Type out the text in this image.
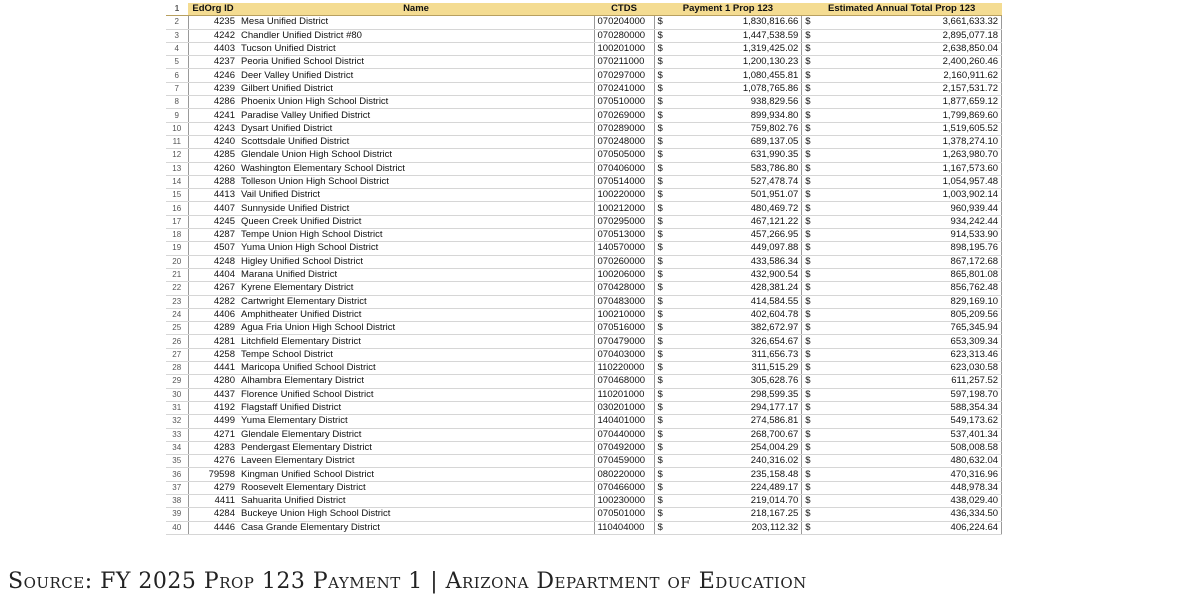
1	EdOrg ID	Name	CTDS	Payment 1 Prop 123		Estimated Annual Total Prop 123	
2	4235	Mesa Unified District	070204000	$	1,830,816.66	$	3,661,633.32
3	4242	Chandler Unified District #80	070280000	$	1,447,538.59	$	2,895,077.18
4	4403	Tucson Unified District	100201000	$	1,319,425.02	$	2,638,850.04
5	4237	Peoria Unified School District	070211000	$	1,200,130.23	$	2,400,260.46
6	4246	Deer Valley Unified District	070297000	$	1,080,455.81	$	2,160,911.62
7	4239	Gilbert Unified District	070241000	$	1,078,765.86	$	2,157,531.72
8	4286	Phoenix Union High School District	070510000	$	938,829.56	$	1,877,659.12
9	4241	Paradise Valley Unified District	070269000	$	899,934.80	$	1,799,869.60
10	4243	Dysart Unified District	070289000	$	759,802.76	$	1,519,605.52
11	4240	Scottsdale Unified District	070248000	$	689,137.05	$	1,378,274.10
12	4285	Glendale Union High School District	070505000	$	631,990.35	$	1,263,980.70
13	4260	Washington Elementary School District	070406000	$	583,786.80	$	1,167,573.60
14	4288	Tolleson Union High School District	070514000	$	527,478.74	$	1,054,957.48
15	4413	Vail Unified District	100220000	$	501,951.07	$	1,003,902.14
16	4407	Sunnyside Unified District	100212000	$	480,469.72	$	960,939.44
17	4245	Queen Creek Unified District	070295000	$	467,121.22	$	934,242.44
18	4287	Tempe Union High School District	070513000	$	457,266.95	$	914,533.90
19	4507	Yuma Union High School District	140570000	$	449,097.88	$	898,195.76
20	4248	Higley Unified School District	070260000	$	433,586.34	$	867,172.68
21	4404	Marana Unified District	100206000	$	432,900.54	$	865,801.08
22	4267	Kyrene Elementary District	070428000	$	428,381.24	$	856,762.48
23	4282	Cartwright Elementary District	070483000	$	414,584.55	$	829,169.10
24	4406	Amphitheater Unified District	100210000	$	402,604.78	$	805,209.56
25	4289	Agua Fria Union High School District	070516000	$	382,672.97	$	765,345.94
26	4281	Litchfield Elementary District	070479000	$	326,654.67	$	653,309.34
27	4258	Tempe School District	070403000	$	311,656.73	$	623,313.46
28	4441	Maricopa Unified School District	110220000	$	311,515.29	$	623,030.58
29	4280	Alhambra Elementary District	070468000	$	305,628.76	$	611,257.52
30	4437	Florence Unified School District	110201000	$	298,599.35	$	597,198.70
31	4192	Flagstaff Unified District	030201000	$	294,177.17	$	588,354.34
32	4499	Yuma Elementary District	140401000	$	274,586.81	$	549,173.62
33	4271	Glendale Elementary District	070440000	$	268,700.67	$	537,401.34
34	4283	Pendergast Elementary District	070492000	$	254,004.29	$	508,008.58
35	4276	Laveen Elementary District	070459000	$	240,316.02	$	480,632.04
36	79598	Kingman Unified School District	080220000	$	235,158.48	$	470,316.96
37	4279	Roosevelt Elementary District	070466000	$	224,489.17	$	448,978.34
38	4411	Sahuarita Unified District	100230000	$	219,014.70	$	438,029.40
39	4284	Buckeye Union High School District	070501000	$	218,167.25	$	436,334.50
40	4446	Casa Grande Elementary District	110404000	$	203,112.32	$	406,224.64
Source: FY 2025 Prop 123 Payment 1 | Arizona Department of Education
